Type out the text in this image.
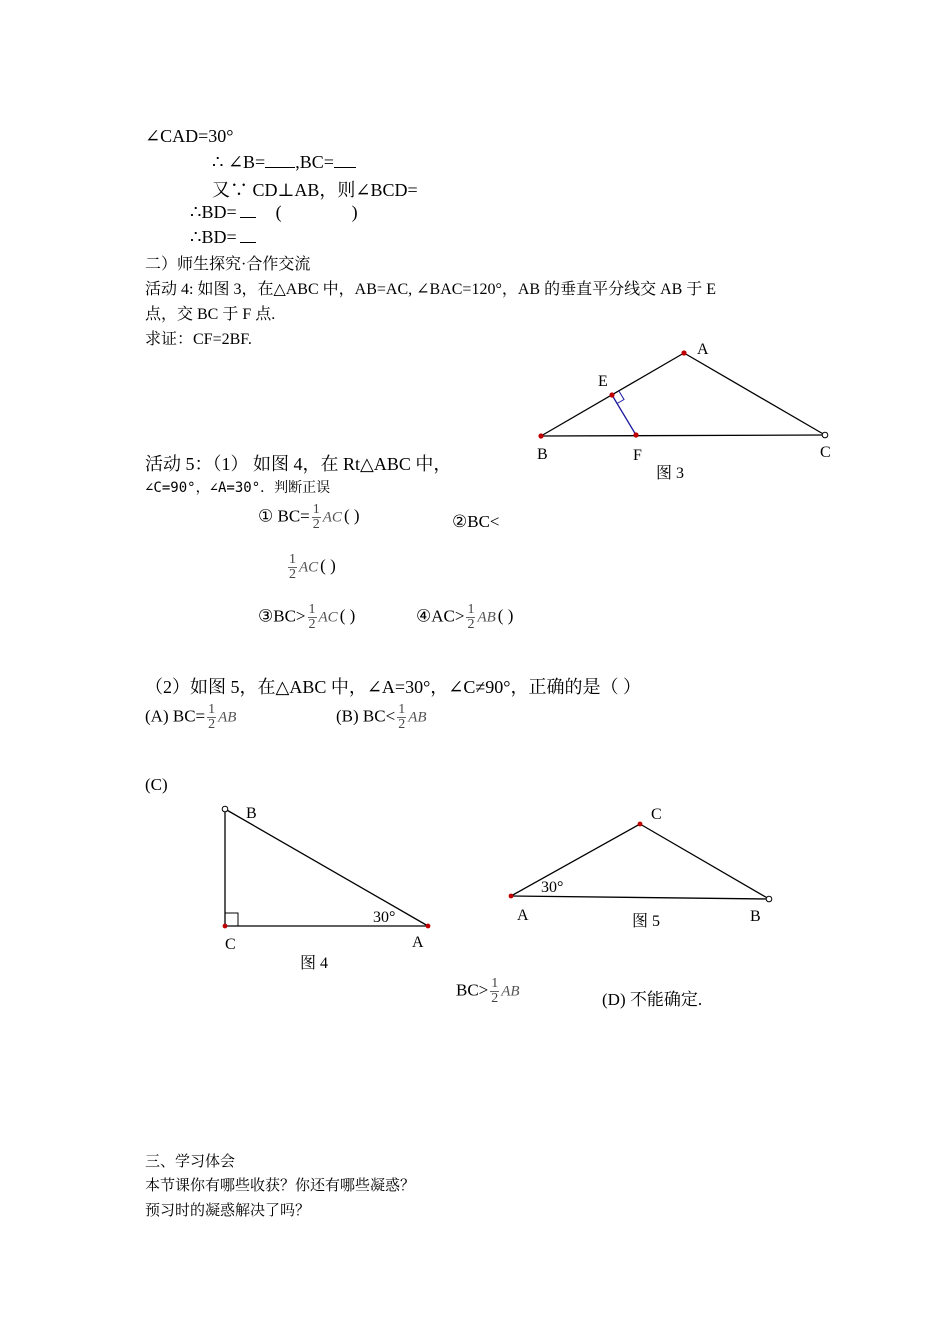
∠CAD=30°
∴ ∠B= ,BC=
又∵ CD⊥AB，则∠BCD=
∴BD= (	)
∴BD=
二）师生探究·合作交流
活动 4: 如图 3，在△ABC 中，AB=AC, ∠BAC=120°，AB 的垂直平分线交 AB 于 E
点，交 BC 于 F 点.
求证：CF=2BF.
活动 5：（1） 如图 4，在 Rt△ABC 中，
∠C=90°，∠A=30°．判断正误
① $BC= \frac{1}{2}$ AC ( )	②BC<
$\frac{1}{2}$ AC ( )
③BC> $\frac{1}{2}$ AC ( )	④AC> $\frac{1}{2}$ AB ( )
（2）如图 5，在△ABC 中，∠A=30°，∠C≠90°，正确的是（ ）
(A) $BC= \frac{1}{2}$ AB	(B) $BC< \frac{1}{2}$ AB
(C)
$BC> \frac{1}{2}$ AB	(D) 不能确定.
三、学习体会
本节课你有哪些收获？你还有哪些凝惑？
预习时的凝惑解决了吗？
A
E
B	F	C
图 3
B
C	A
30°
图 4
C
A	B
30°
图 5
